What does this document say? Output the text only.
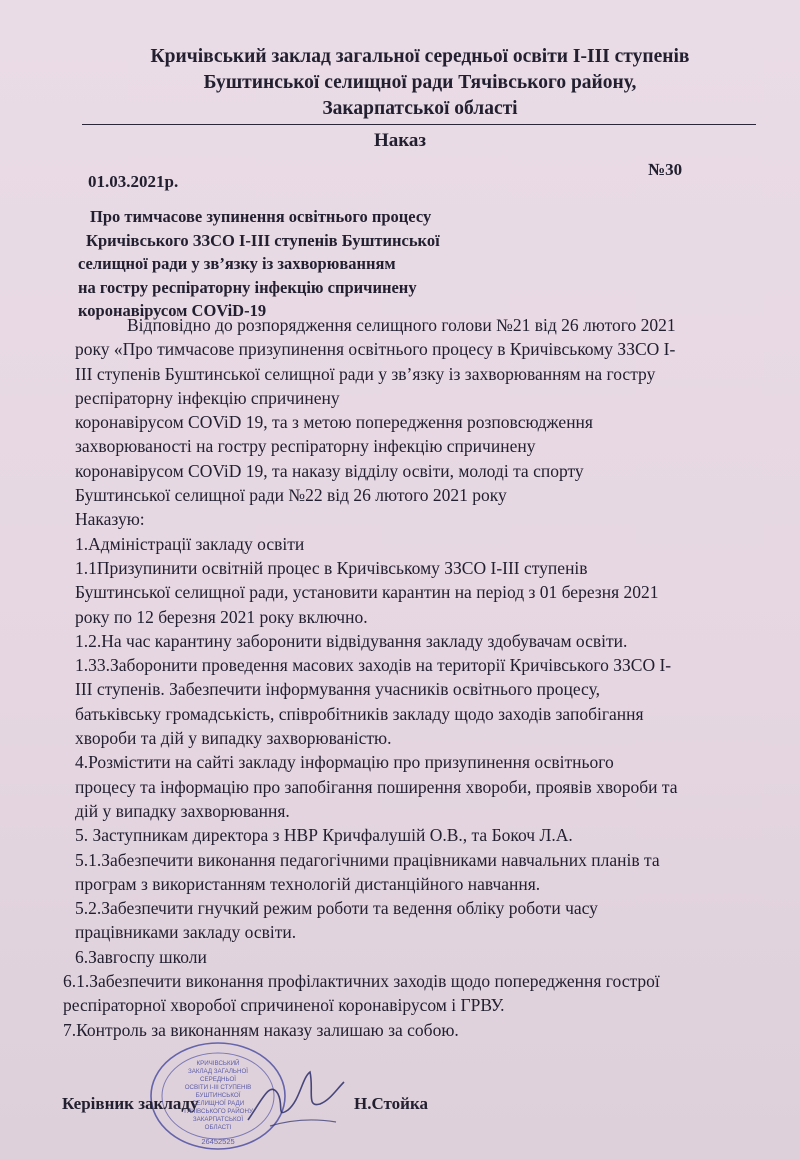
Кричівський заклад загальної середньої освіти І-ІІІ ступенів
Буштинської селищної ради Тячівського району,
Закарпатської області
Наказ
01.03.2021р.
№30
Про тимчасове зупинення освітнього процесу
Кричівського ЗЗСО І-ІІІ ступенів Буштинської
селищної ради у зв’язку із захворюванням
на гостру респіраторну інфекцію спричинену
коронавірусом COViD-19
Відповідно до розпорядження селищного голови №21 від 26 лютого 2021
року «Про тимчасове призупинення освітнього процесу в Кричівському ЗЗСО І-
ІІІ ступенів Буштинської селищної ради у зв’язку із захворюванням на гостру
респіраторну інфекцію спричинену
коронавірусом COViD 19, та з метою попередження розповсюдження
захворюваності на гостру респіраторну інфекцію спричинену
коронавірусом COViD 19, та наказу відділу освіти, молоді та спорту
Буштинської селищної ради №22 від 26 лютого 2021 року
Наказую:
1.Адміністрації закладу освіти
1.1Призупинити освітній процес в Кричівському ЗЗСО І-ІІІ ступенів
Буштинської селищної ради, установити карантин на період з 01 березня 2021
року по 12 березня 2021 року включно.
1.2.На час карантину заборонити відвідування закладу здобувачам освіти.
1.33.Заборонити проведення масових заходів на території Кричівського ЗЗСО І-
ІІІ ступенів. Забезпечити інформування учасників освітнього процесу,
батьківську громадськість, співробітників закладу щодо заходів запобігання
хвороби та дій у випадку захворюваністю.
4.Розмістити на сайті закладу інформацію про призупинення освітнього
процесу та інформацію про запобігання поширення хвороби, проявів хвороби та
дій у випадку захворювання.
5. Заступникам директора з НВР Кричфалушій О.В., та Бокоч Л.А.
5.1.Забезпечити виконання педагогічними працівниками навчальних планів та
програм з використанням технологій дистанційного навчання.
5.2.Забезпечити гнучкий режим роботи та ведення обліку роботи часу
працівниками закладу освіти.
6.Завгоспу школи
6.1.Забезпечити виконання профілактичних заходів щодо попередження гострої
респіраторної хворобої спричиненої коронавірусом і ГРВУ.
7.Контроль за виконанням наказу залишаю за собою.
КРИЧІВСЬКИЙ
ЗАКЛАД ЗАГАЛЬНОЇ
СЕРЕДНЬОЇ
ОСВІТИ І-ІІІ СТУПЕНІВ
БУШТИНСЬКОЇ
СЕЛИЩНОЇ РАДИ
ТЯЧІВСЬКОГО РАЙОНУ
ЗАКАРПАТСЬКОЇ
ОБЛАСТІ
26452525
Керівник закладу	Н.Стойка
